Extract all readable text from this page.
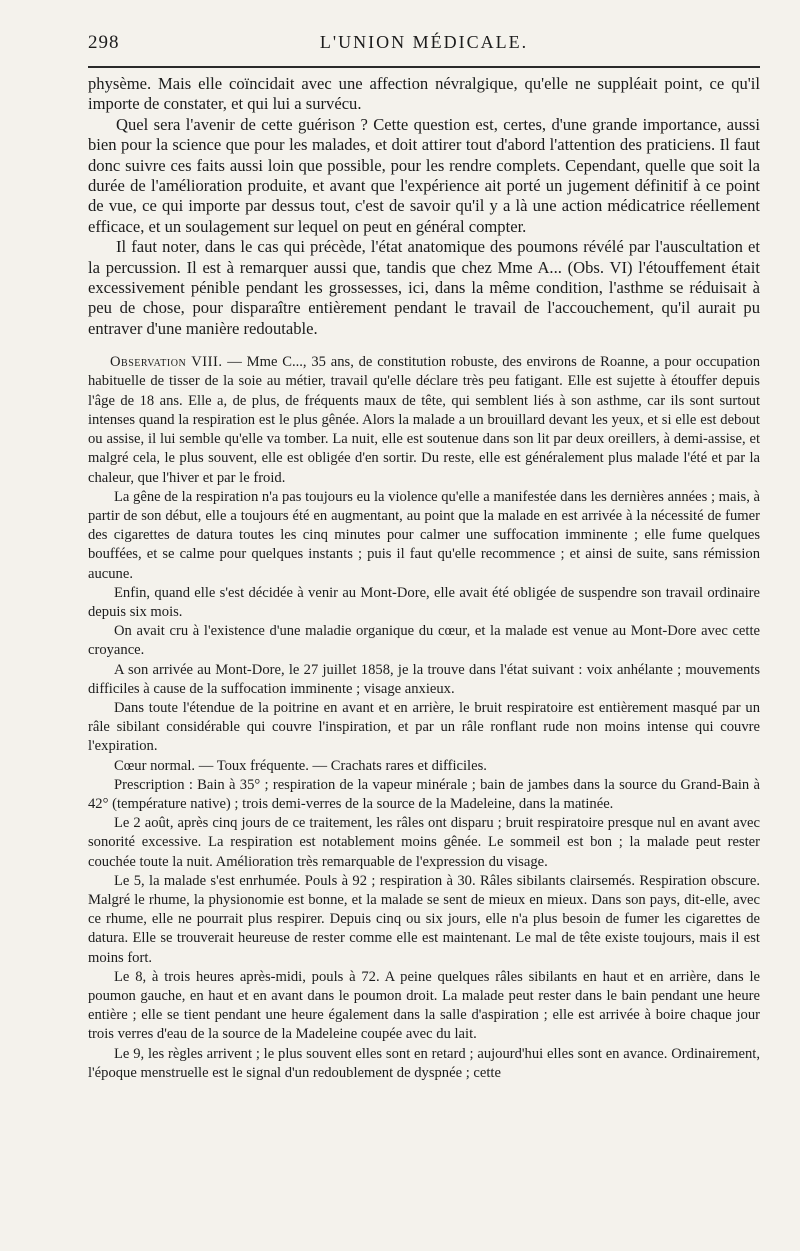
298	L'UNION MÉDICALE.

physème. Mais elle coïncidait avec une affection névralgique, qu'elle ne suppléait point, ce qu'il importe de constater, et qui lui a survécu.

Quel sera l'avenir de cette guérison ? Cette question est, certes, d'une grande importance, aussi bien pour la science que pour les malades, et doit attirer tout d'abord l'attention des praticiens. Il faut donc suivre ces faits aussi loin que possible, pour les rendre complets. Cependant, quelle que soit la durée de l'amélioration produite, et avant que l'expérience ait porté un jugement définitif à ce point de vue, ce qui importe par dessus tout, c'est de savoir qu'il y a là une action médicatrice réellement efficace, et un soulagement sur lequel on peut en général compter.

Il faut noter, dans le cas qui précède, l'état anatomique des poumons révélé par l'auscultation et la percussion. Il est à remarquer aussi que, tandis que chez Mme A... (Obs. VI) l'étouffement était excessivement pénible pendant les grossesses, ici, dans la même condition, l'asthme se réduisait à peu de chose, pour disparaître entièrement pendant le travail de l'accouchement, qu'il aurait pu entraver d'une manière redoutable.

Observation VIII. — Mme C..., 35 ans, de constitution robuste, des environs de Roanne, a pour occupation habituelle de tisser de la soie au métier, travail qu'elle déclare très peu fatigant. Elle est sujette à étouffer depuis l'âge de 18 ans. Elle a, de plus, de fréquents maux de tête, qui semblent liés à son asthme, car ils sont surtout intenses quand la respiration est le plus gênée. Alors la malade a un brouillard devant les yeux, et si elle est debout ou assise, il lui semble qu'elle va tomber. La nuit, elle est soutenue dans son lit par deux oreillers, à demi-assise, et malgré cela, le plus souvent, elle est obligée d'en sortir. Du reste, elle est généralement plus malade l'été et par la chaleur, que l'hiver et par le froid.

La gêne de la respiration n'a pas toujours eu la violence qu'elle a manifestée dans les dernières années ; mais, à partir de son début, elle a toujours été en augmentant, au point que la malade en est arrivée à la nécessité de fumer des cigarettes de datura toutes les cinq minutes pour calmer une suffocation imminente ; elle fume quelques bouffées, et se calme pour quelques instants ; puis il faut qu'elle recommence ; et ainsi de suite, sans rémission aucune.

Enfin, quand elle s'est décidée à venir au Mont-Dore, elle avait été obligée de suspendre son travail ordinaire depuis six mois.

On avait cru à l'existence d'une maladie organique du cœur, et la malade est venue au Mont-Dore avec cette croyance.

A son arrivée au Mont-Dore, le 27 juillet 1858, je la trouve dans l'état suivant : voix anhélante ; mouvements difficiles à cause de la suffocation imminente ; visage anxieux.

Dans toute l'étendue de la poitrine en avant et en arrière, le bruit respiratoire est entièrement masqué par un râle sibilant considérable qui couvre l'inspiration, et par un râle ronflant rude non moins intense qui couvre l'expiration.

Cœur normal. — Toux fréquente. — Crachats rares et difficiles.

Prescription : Bain à 35° ; respiration de la vapeur minérale ; bain de jambes dans la source du Grand-Bain à 42° (température native) ; trois demi-verres de la source de la Madeleine, dans la matinée.

Le 2 août, après cinq jours de ce traitement, les râles ont disparu ; bruit respiratoire presque nul en avant avec sonorité excessive. La respiration est notablement moins gênée. Le sommeil est bon ; la malade peut rester couchée toute la nuit. Amélioration très remarquable de l'expression du visage.

Le 5, la malade s'est enrhumée. Pouls à 92 ; respiration à 30. Râles sibilants clairsemés. Respiration obscure. Malgré le rhume, la physionomie est bonne, et la malade se sent de mieux en mieux. Dans son pays, dit-elle, avec ce rhume, elle ne pourrait plus respirer. Depuis cinq ou six jours, elle n'a plus besoin de fumer les cigarettes de datura. Elle se trouverait heureuse de rester comme elle est maintenant. Le mal de tête existe toujours, mais il est moins fort.

Le 8, à trois heures après-midi, pouls à 72. A peine quelques râles sibilants en haut et en arrière, dans le poumon gauche, en haut et en avant dans le poumon droit. La malade peut rester dans le bain pendant une heure entière ; elle se tient pendant une heure également dans la salle d'aspiration ; elle est arrivée à boire chaque jour trois verres d'eau de la source de la Madeleine coupée avec du lait.

Le 9, les règles arrivent ; le plus souvent elles sont en retard ; aujourd'hui elles sont en avance. Ordinairement, l'époque menstruelle est le signal d'un redoublement de dyspnée ; cette
